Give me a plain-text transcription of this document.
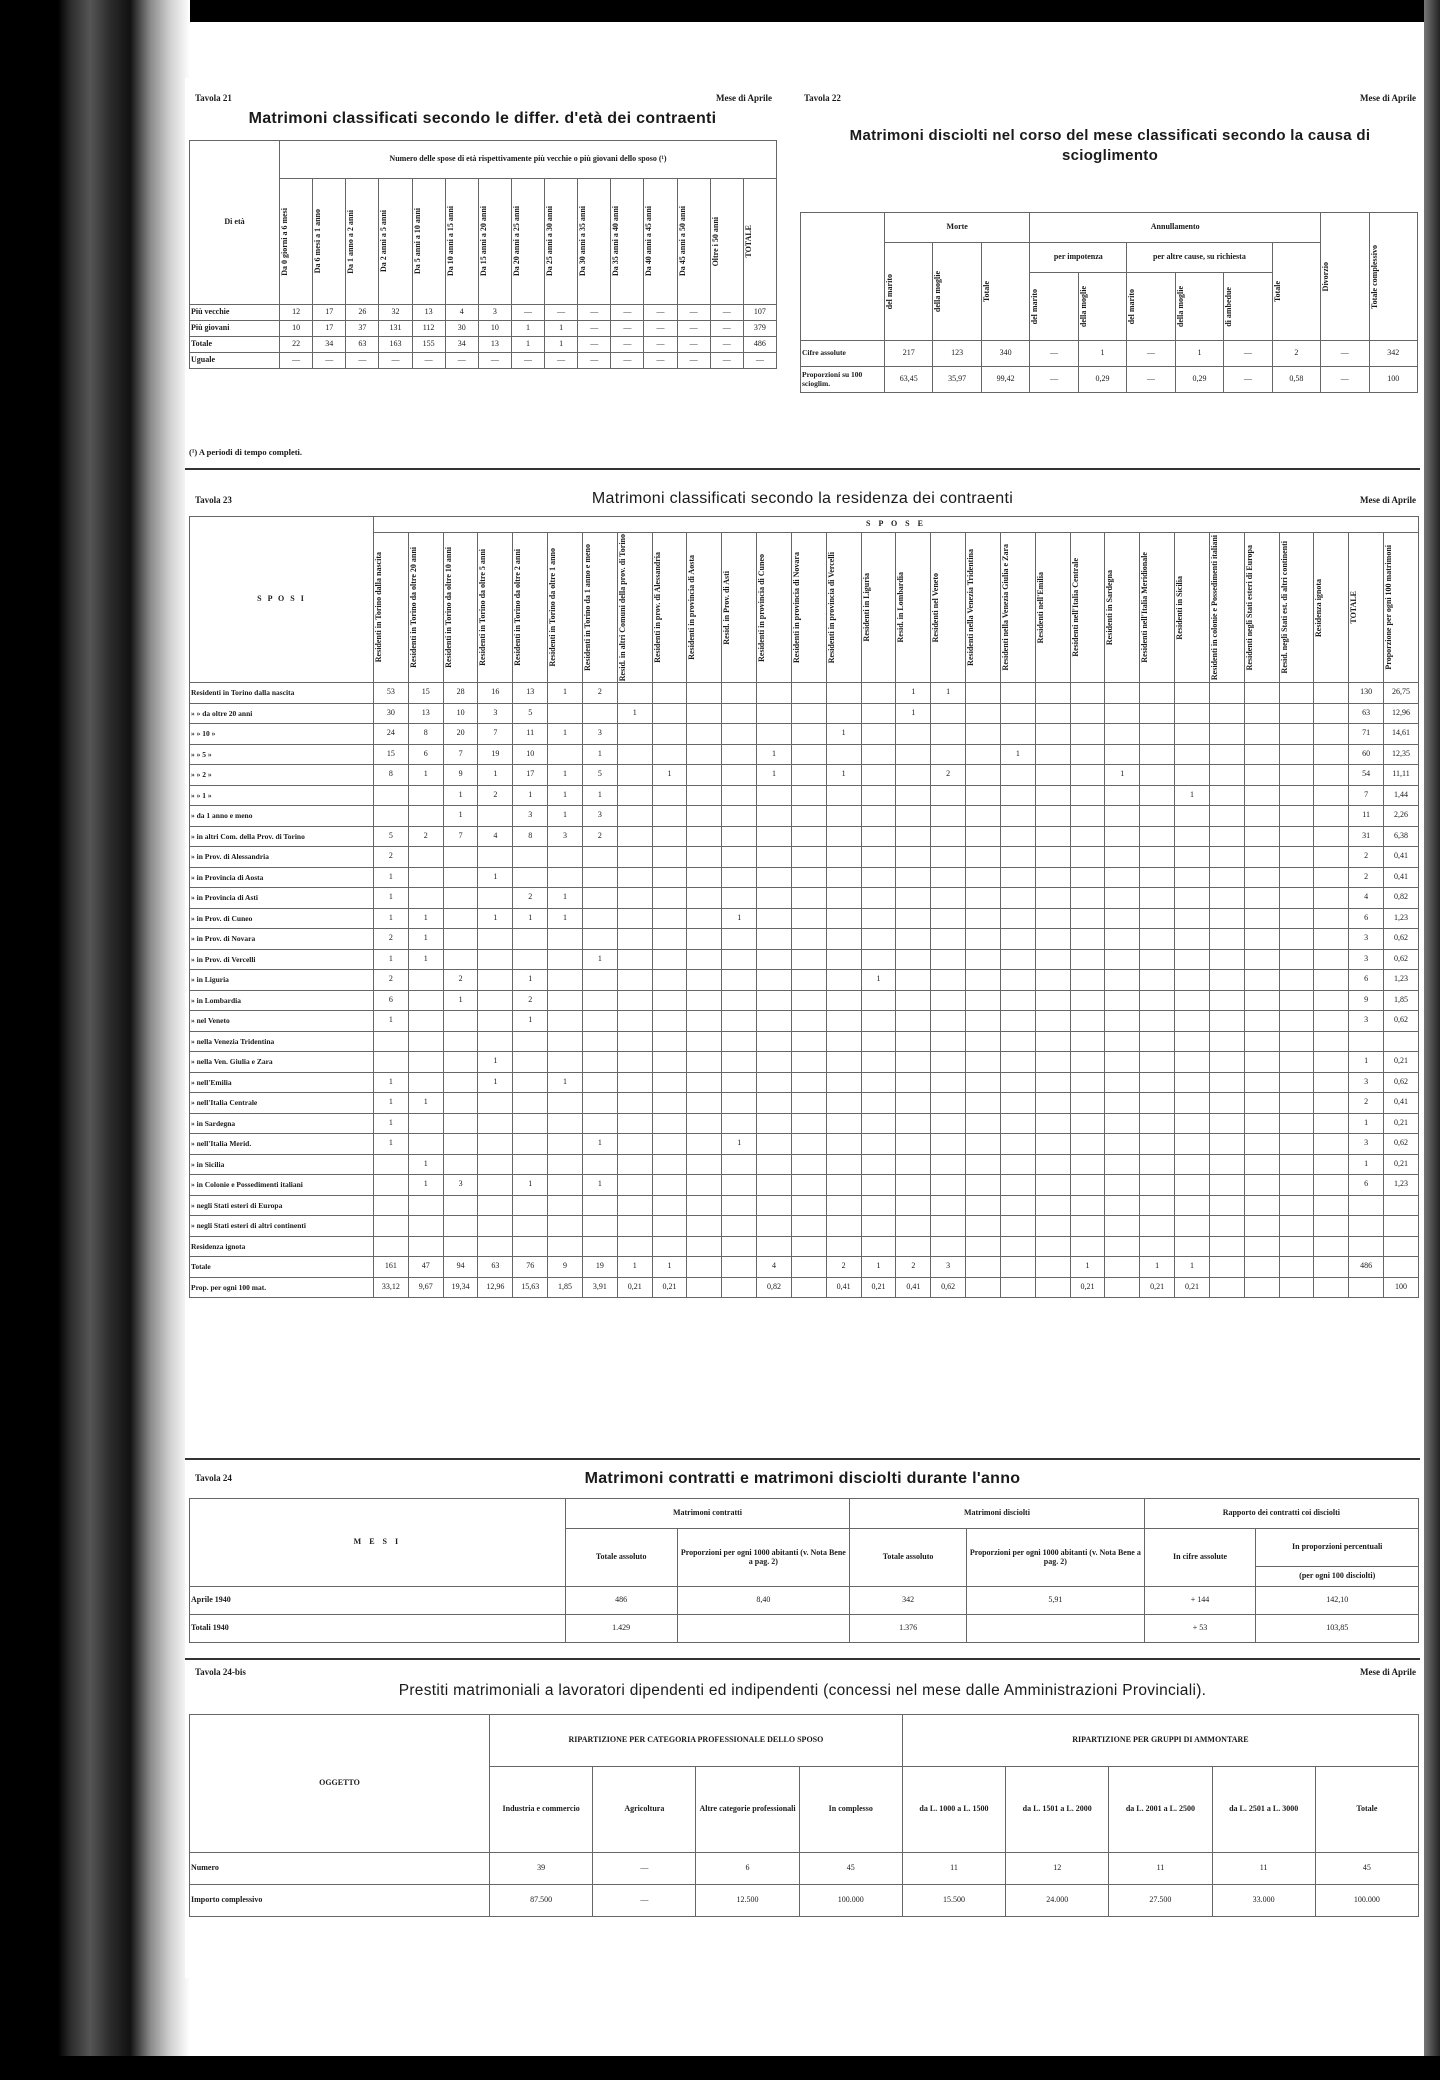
Tavola 21	Mese di Aprile
Matrimoni classificati secondo le differ. d'età dei contraenti
Di età	Numero delle spose di età rispettivamente più vecchie o più giovani dello sposo (¹)														

	Da 0 giorni a 6 mesi	Da 6 mesi a 1 anno	Da 1 anno a 2 anni	Da 2 anni a 5 anni	Da 5 anni a 10 anni	Da 10 anni a 15 anni	Da 15 anni a 20 anni	Da 20 anni a 25 anni	Da 25 anni a 30 anni	Da 30 anni a 35 anni	Da 35 anni a 40 anni	Da 40 anni a 45 anni	Da 45 anni a 50 anni	Oltre i 50 anni	TOTALE

Più vecchie	12	17	26	32	13	4	3	—	—	—	—	—	—	—	107
Più giovani	10	17	37	131	112	30	10	1	1	—	—	—	—	—	379
Totale	22	34	63	163	155	34	13	1	1	—	—	—	—	—	486
Uguale	—	—	—	—	—	—	—	—	—	—	—	—	—	—	—
(¹) A periodi di tempo completi.
Tavola 22	Mese di Aprile
Matrimoni disciolti nel corso del mese classificati secondo la causa di scioglimento
	Morte			Annullamento						Divorzio	Totale complessivo

	del marito	della moglie	Totale	per impotenza		per altre cause, su richiesta			Totale		

				del marito	della moglie	del marito	della moglie	di ambedue			

Cifre assolute	217	123	340	—	1	—	1	—	2	—	342
Proporzioni su 100 scioglim.	63,45	35,97	99,42	—	0,29	—	0,29	—	0,58	—	100
Tavola 23	Mese di Aprile
Matrimoni classificati secondo la residenza dei contraenti
S P O S I	S P O S E																													

	Residenti in Torino dalla nascita	Residenti in Torino da oltre 20 anni	Residenti in Torino da oltre 10 anni	Residenti in Torino da oltre 5 anni	Residenti in Torino da oltre 2 anni	Residenti in Torino da oltre 1 anno	Residenti in Torino da 1 anno e meno	Resid. in altri Comuni della prov. di Torino	Residenti in prov. di Alessandria	Residenti in provincia di Aosta	Resid. in Prov. di Asti	Residenti in provincia di Cuneo	Residenti in provincia di Novara	Residenti in provincia di Vercelli	Residenti in Liguria	Resid. in Lombardia	Residenti nel Veneto	Residenti nella Venezia Tridentina	Residenti nella Venezia Giulia e Zara	Residenti nell'Emilia	Residenti nell'Italia Centrale	Residenti in Sardegna	Residenti nell'Italia Meridionale	Residenti in Sicilia	Residenti in colonie e Possedimenti italiani	Residenti negli Stati esteri di Europa	Resid. negli Stati est. di altri continenti	Residenza ignota	TOTALE	Proporzione per ogni 100 matrimoni

Residenti in Torino dalla nascita	53	15	28	16	13	1	2									1	1												130	26,75
» » da oltre 20 anni	30	13	10	3	5			1								1													63	12,96
» » 10 »	24	8	20	7	11	1	3							1															71	14,61
» » 5 »	15	6	7	19	10		1					1							1										60	12,35
» » 2 »	8	1	9	1	17	1	5		1			1		1			2					1							54	11,11
» » 1 »			1	2	1	1	1																	1					7	1,44
» da 1 anno e meno			1		3	1	3																						11	2,26
» in altri Com. della Prov. di Torino	5	2	7	4	8	3	2																						31	6,38
» in Prov. di Alessandria	2																												2	0,41
» in Provincia di Aosta	1			1																									2	0,41
» in Provincia di Asti	1				2	1																							4	0,82
» in Prov. di Cuneo	1	1		1	1	1					1																		6	1,23
» in Prov. di Novara	2	1																											3	0,62
» in Prov. di Vercelli	1	1					1																						3	0,62
» in Liguria	2		2		1										1														6	1,23
» in Lombardia	6		1		2																								9	1,85
» nel Veneto	1				1																								3	0,62
» nella Venezia Tridentina																														
» nella Ven. Giulia e Zara				1																									1	0,21
» nell'Emilia	1			1		1																							3	0,62
» nell'Italia Centrale	1	1																											2	0,41
» in Sardegna	1																												1	0,21
» nell'Italia Merid.	1						1				1																		3	0,62
» in Sicilia		1																											1	0,21
» in Colonie e Possedimenti italiani		1	3		1		1																						6	1,23
» negli Stati esteri di Europa																														
» negli Stati esteri di altri continenti																														
Residenza ignota																														
Totale	161	47	94	63	76	9	19	1	1			4		2	1	2	3				1		1	1					486	
Prop. per ogni 100 mat.	33,12	9,67	19,34	12,96	15,63	1,85	3,91	0,21	0,21			0,82		0,41	0,21	0,41	0,62				0,21		0,21	0,21						100
Tavola 24	Matrimoni contratti e matrimoni disciolti durante l'anno
M E S I	Matrimoni contratti		Matrimoni disciolti		Rapporto dei contratti coi disciolti	
	Totale assoluto	Proporzioni per ogni 1000 abitanti (v. Nota Bene a pag. 2)	Totale assoluto	Proporzioni per ogni 1000 abitanti (v. Nota Bene a pag. 2)	In cifre assolute	In proporzioni percentuali
						(per ogni 100 disciolti)
Aprile 1940	486	8,40	342	5,91	+ 144	142,10
Totali 1940	1.429		1.376		+ 53	103,85
Tavola 24-bis	Mese di Aprile
Prestiti matrimoniali a lavoratori dipendenti ed indipendenti (concessi nel mese dalle Amministrazioni Provinciali).
OGGETTO	RIPARTIZIONE PER CATEGORIA PROFESSIONALE DELLO SPOSO				RIPARTIZIONE PER GRUPPI DI AMMONTARE				

	Industria e commercio	Agricoltura	Altre categorie professionali	In complesso	da L. 1000 a L. 1500	da L. 1501 a L. 2000	da L. 2001 a L. 2500	da L. 2501 a L. 3000	Totale

Numero	39	—	6	45	11	12	11	11	45
Importo complessivo	87.500	—	12.500	100.000	15.500	24.000	27.500	33.000	100.000
16
